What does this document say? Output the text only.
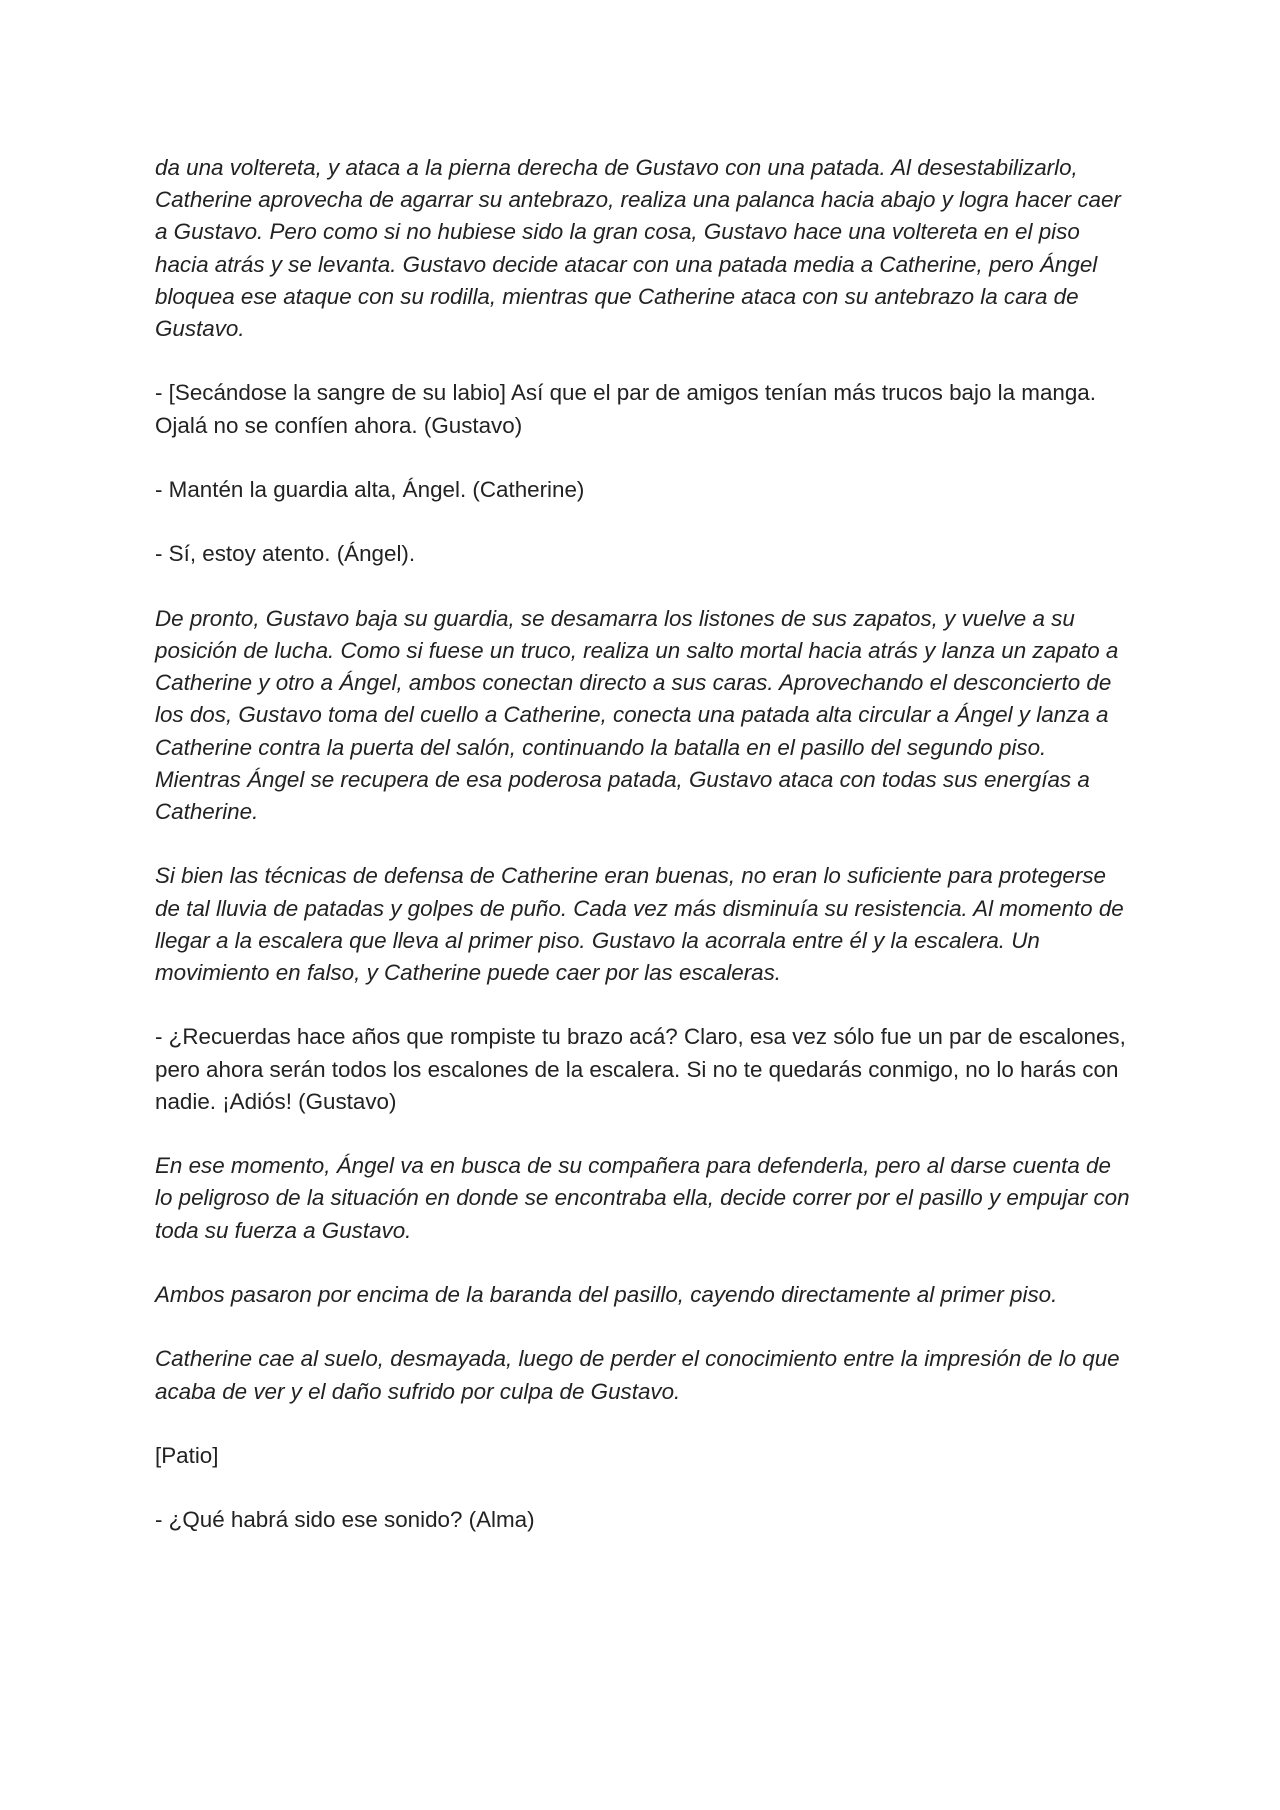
da una voltereta, y ataca a la pierna derecha de Gustavo con una patada. Al desestabilizarlo, Catherine aprovecha de agarrar su antebrazo, realiza una palanca hacia abajo y logra hacer caer a Gustavo. Pero como si no hubiese sido la gran cosa, Gustavo hace una voltereta en el piso hacia atrás y se levanta. Gustavo decide atacar con una patada media a Catherine, pero Ángel bloquea ese ataque con su rodilla, mientras que Catherine ataca con su antebrazo la cara de Gustavo.

- [Secándose la sangre de su labio] Así que el par de amigos tenían más trucos bajo la manga. Ojalá no se confíen ahora. (Gustavo)

- Mantén la guardia alta, Ángel. (Catherine)

- Sí, estoy atento. (Ángel).

De pronto, Gustavo baja su guardia, se desamarra los listones de sus zapatos, y vuelve a su posición de lucha. Como si fuese un truco, realiza un salto mortal hacia atrás y lanza un zapato a Catherine y otro a Ángel, ambos conectan directo a sus caras. Aprovechando el desconcierto de los dos, Gustavo toma del cuello a Catherine, conecta una patada alta circular a Ángel y lanza a Catherine contra la puerta del salón, continuando la batalla en el pasillo del segundo piso. Mientras Ángel se recupera de esa poderosa patada, Gustavo ataca con todas sus energías a Catherine.

Si bien las técnicas de defensa de Catherine eran buenas, no eran lo suficiente para protegerse de tal lluvia de patadas y golpes de puño. Cada vez más disminuía su resistencia. Al momento de llegar a la escalera que lleva al primer piso. Gustavo la acorrala entre él y la escalera. Un movimiento en falso, y Catherine puede caer por las escaleras.

- ¿Recuerdas hace años que rompiste tu brazo acá? Claro, esa vez sólo fue un par de escalones, pero ahora serán todos los escalones de la escalera. Si no te quedarás conmigo, no lo harás con nadie. ¡Adiós! (Gustavo)

En ese momento, Ángel va en busca de su compañera para defenderla, pero al darse cuenta de lo peligroso de la situación en donde se encontraba ella, decide correr por el pasillo y empujar con toda su fuerza a Gustavo.

Ambos pasaron por encima de la baranda del pasillo, cayendo directamente al primer piso.

Catherine cae al suelo, desmayada, luego de perder el conocimiento entre la impresión de lo que acaba de ver y el daño sufrido por culpa de Gustavo.

[Patio]

- ¿Qué habrá sido ese sonido? (Alma)
